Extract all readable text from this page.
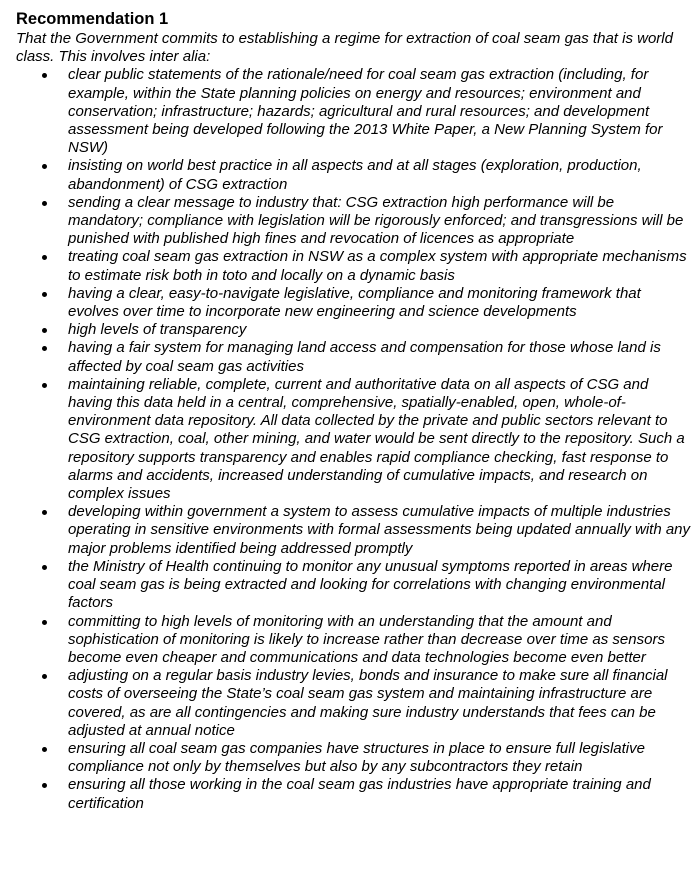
Recommendation 1

That the Government commits to establishing a regime for extraction of coal seam gas that is world class. This involves inter alia:

clear public statements of the rationale/need for coal seam gas extraction (including, for example, within the State planning policies on energy and resources; environment and conservation; infrastructure; hazards; agricultural and rural resources; and development assessment being developed following the 2013 White Paper, a New Planning System for NSW)
insisting on world best practice in all aspects and at all stages (exploration, production, abandonment) of CSG extraction
sending a clear message to industry that: CSG extraction high performance will be mandatory; compliance with legislation will be rigorously enforced; and transgressions will be punished with published high fines and revocation of licences as appropriate
treating coal seam gas extraction in NSW as a complex system with appropriate mechanisms to estimate risk both in toto and locally on a dynamic basis
having a clear, easy-to-navigate legislative, compliance and monitoring framework that evolves over time to incorporate new engineering and science developments
high levels of transparency
having a fair system for managing land access and compensation for those whose land is affected by coal seam gas activities
maintaining reliable, complete, current and authoritative data on all aspects of CSG and having this data held in a central, comprehensive, spatially-enabled, open, whole-of-environment data repository. All data collected by the private and public sectors relevant to CSG extraction, coal, other mining, and water would be sent directly to the repository. Such a repository supports transparency and enables rapid compliance checking, fast response to alarms and accidents, increased understanding of cumulative impacts, and research on complex issues
developing within government a system to assess cumulative impacts of multiple industries operating in sensitive environments with formal assessments being updated annually with any major problems identified being addressed promptly
the Ministry of Health continuing to monitor any unusual symptoms reported in areas where coal seam gas is being extracted and looking for correlations with changing environmental factors
committing to high levels of monitoring with an understanding that the amount and sophistication of monitoring is likely to increase rather than decrease over time as sensors become even cheaper and communications and data technologies become even better
adjusting on a regular basis industry levies, bonds and insurance to make sure all financial costs of overseeing the State’s coal seam gas system and maintaining infrastructure are covered, as are all contingencies and making sure industry understands that fees can be adjusted at annual notice
ensuring all coal seam gas companies have structures in place to ensure full legislative compliance not only by themselves but also by any subcontractors they retain
ensuring all those working in the coal seam gas industries have appropriate training and certification
